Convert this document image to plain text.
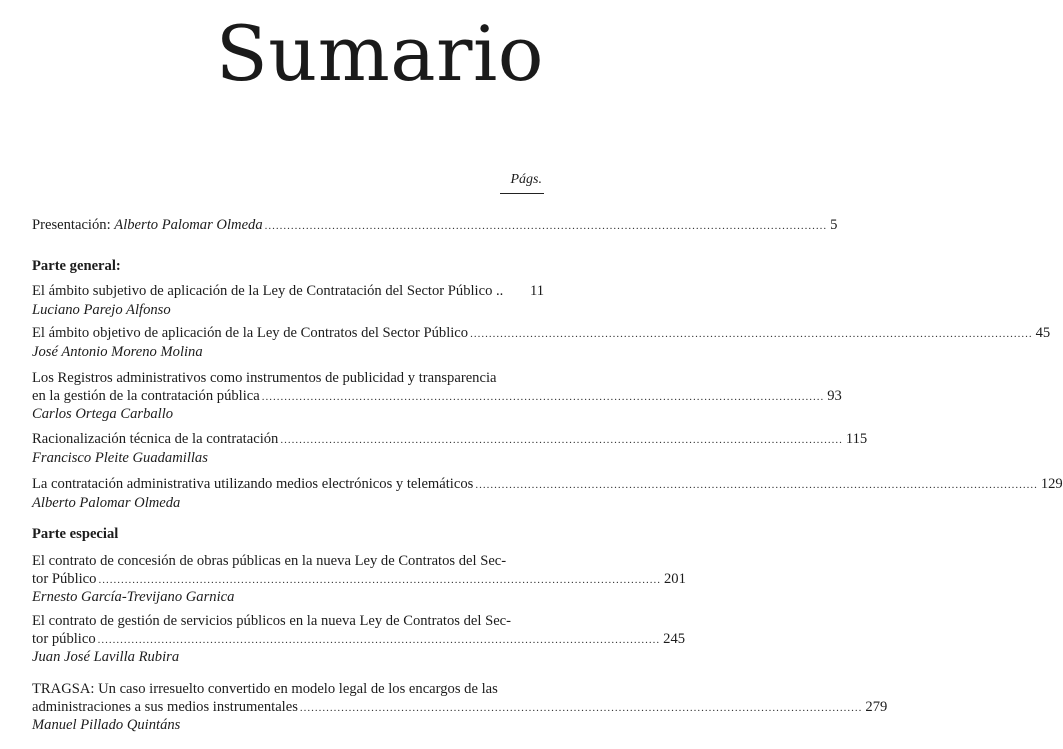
Sumario
Págs.
Presentación: Alberto Palomar Olmeda ...................................................................................................................................................... 5
Parte general:
El ámbito subjetivo de aplicación de la Ley de Contratación del Sector Público ..	11
Luciano Parejo Alfonso
El ámbito objetivo de aplicación de la Ley de Contratos del Sector Público ...................................................................................................................................................... 45
José Antonio Moreno Molina
Los Registros administrativos como instrumentos de publicidad y transparencia
en la gestión de la contratación pública ...................................................................................................................................................... 93
Carlos Ortega Carballo
Racionalización técnica de la contratación ...................................................................................................................................................... 115
Francisco Pleite Guadamillas
La contratación administrativa utilizando medios electrónicos y telemáticos ...................................................................................................................................................... 129
Alberto Palomar Olmeda
Parte especial
El contrato de concesión de obras públicas en la nueva Ley de Contratos del Sec-
tor Público ...................................................................................................................................................... 201
Ernesto García-Trevijano Garnica
El contrato de gestión de servicios públicos en la nueva Ley de Contratos del Sec-
tor público ...................................................................................................................................................... 245
Juan José Lavilla Rubira
TRAGSA: Un caso irresuelto convertido en modelo legal de los encargos de las
administraciones a sus medios instrumentales ...................................................................................................................................................... 279
Manuel Pillado Quintáns
